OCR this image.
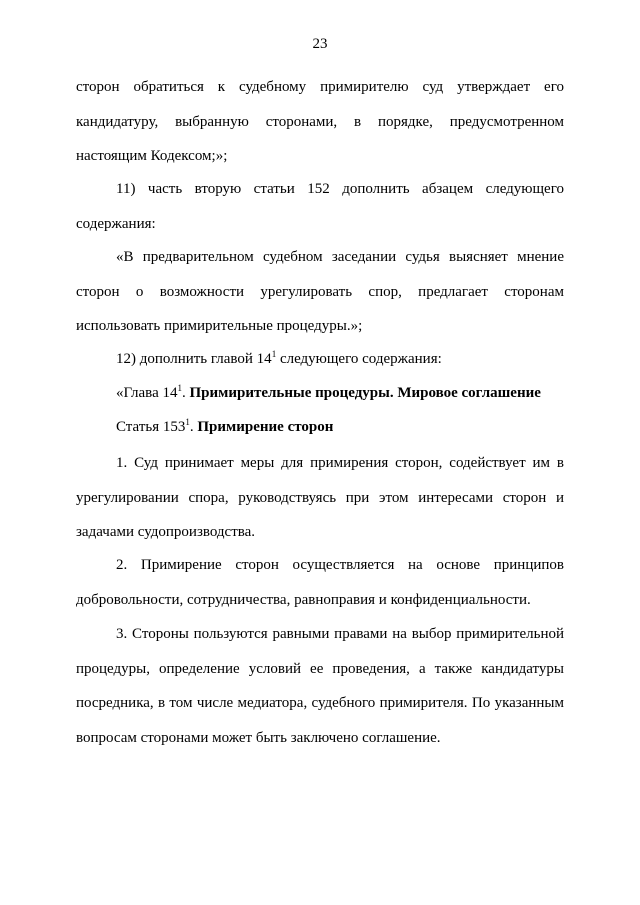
23

сторон обратиться к судебному примирителю суд утверждает его кандидатуру, выбранную сторонами, в порядке, предусмотренном настоящим Кодексом;»;

11) часть вторую статьи 152 дополнить абзацем следующего содержания:

«В предварительном судебном заседании судья выясняет мнение сторон о возможности урегулировать спор, предлагает сторонам использовать примирительные процедуры.»;

12) дополнить главой $14^1$ следующего содержания:

«Глава $14^1$. Примирительные процедуры. Мировое соглашение

Статья $153^1$. Примирение сторон

1. Суд принимает меры для примирения сторон, содействует им в урегулировании спора, руководствуясь при этом интересами сторон и задачами судопроизводства.

2. Примирение сторон осуществляется на основе принципов добровольности, сотрудничества, равноправия и конфиденциальности.

3. Стороны пользуются равными правами на выбор примирительной процедуры, определение условий ее проведения, а также кандидатуры посредника, в том числе медиатора, судебного примирителя. По указанным вопросам сторонами может быть заключено соглашение.
